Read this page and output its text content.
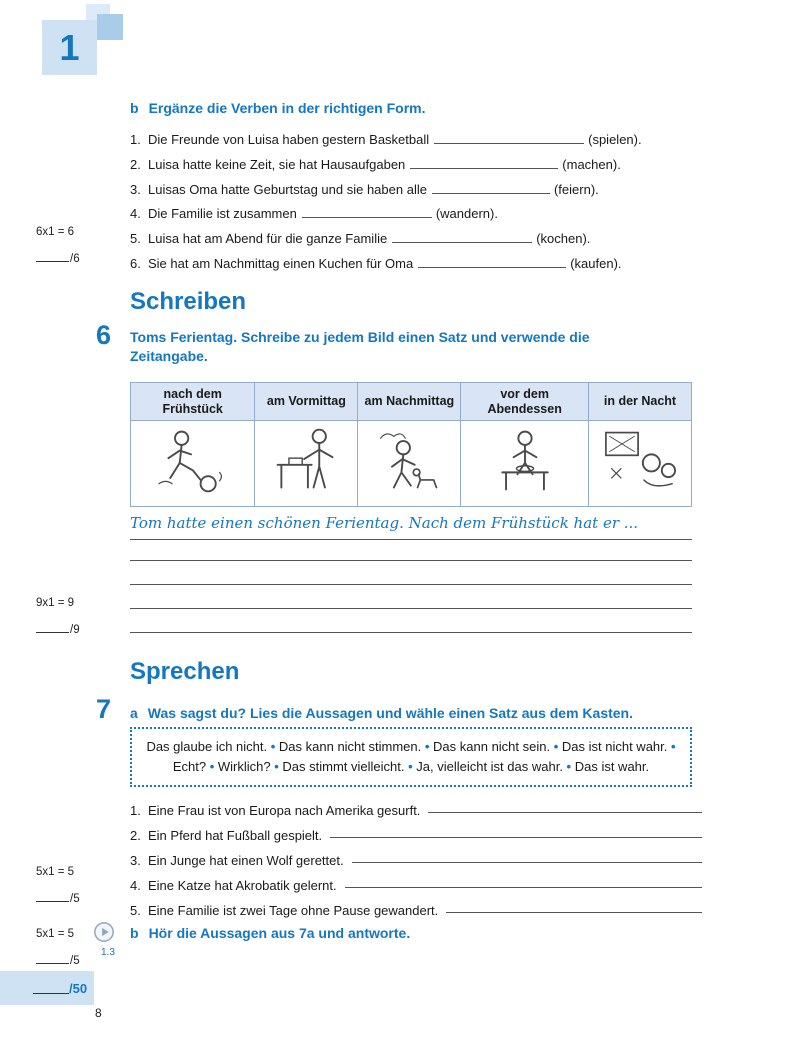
1
b Ergänze die Verben in der richtigen Form.
1. Die Freunde von Luisa haben gestern Basketball	(spielen).
2. Luisa hatte keine Zeit, sie hat Hausaufgaben	(machen).
3. Luisas Oma hatte Geburtstag und sie haben alle	(feiern).
4. Die Familie ist zusammen	(wandern).
5. Luisa hat am Abend für die ganze Familie	(kochen).
6. Sie hat am Nachmittag einen Kuchen für Oma	(kaufen).
6x1 = 6
/6
Schreiben
6 Toms Ferientag. Schreibe zu jedem Bild einen Satz und verwende die Zeitangabe.
nach dem Frühstück	am Vormittag	am Nachmittag	vor dem Abendessen	in der Nacht

Tom hatte einen schönen Ferientag. Nach dem Frühstück hat er ...
9x1 = 9
/9
Sprechen
7 a Was sagst du? Lies die Aussagen und wähle einen Satz aus dem Kasten.
Das glaube ich nicht. • Das kann nicht stimmen. • Das kann nicht sein. • Das ist nicht wahr. • Echt? • Wirklich? • Das stimmt vielleicht. • Ja, vielleicht ist das wahr. • Das ist wahr.
1. Eine Frau ist von Europa nach Amerika gesurft.
2. Ein Pferd hat Fußball gespielt.
3. Ein Junge hat einen Wolf gerettet.
4. Eine Katze hat Akrobatik gelernt.
5. Eine Familie ist zwei Tage ohne Pause gewandert.
5x1 = 5
/5
1.3
b Hör die Aussagen aus 7a und antworte.
5x1 = 5
/5
/50
8
